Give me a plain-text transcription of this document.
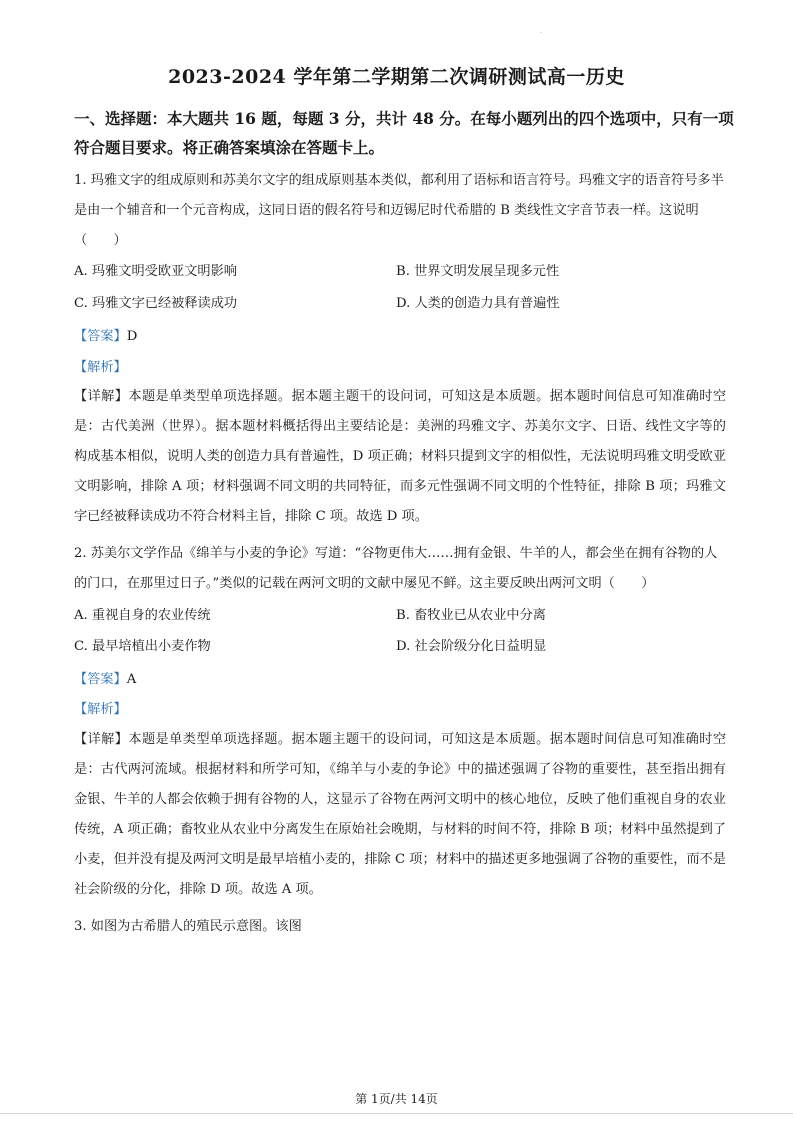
·
2023-2024 学年第二学期第二次调研测试高一历史
一、选择题：本大题共 16 题，每题 3 分，共计 48 分。在每小题列出的四个选项中，只有一项符合题目要求。将正确答案填涂在答题卡上。
1. 玛雅文字的组成原则和苏美尔文字的组成原则基本类似，都利用了语标和语言符号。玛雅文字的语音符号多半是由一个辅音和一个元音构成，这同日语的假名符号和迈锡尼时代希腊的 B 类线性文字音节表一样。这说明（　　）
A. 玛雅文明受欧亚文明影响	B. 世界文明发展呈现多元性
C. 玛雅文字已经被释读成功	D. 人类的创造力具有普遍性
【答案】D
【解析】
【详解】本题是单类型单项选择题。据本题主题干的设问词，可知这是本质题。据本题时间信息可知准确时空是：古代美洲（世界）。据本题材料概括得出主要结论是：美洲的玛雅文字、苏美尔文字、日语、线性文字等的构成基本相似，说明人类的创造力具有普遍性，D 项正确；材料只提到文字的相似性，无法说明玛雅文明受欧亚文明影响，排除 A 项；材料强调不同文明的共同特征，而多元性强调不同文明的个性特征，排除 B 项；玛雅文字已经被释读成功不符合材料主旨，排除 C 项。故选 D 项。
2. 苏美尔文学作品《绵羊与小麦的争论》写道：“谷物更伟大……拥有金银、牛羊的人，都会坐在拥有谷物的人的门口，在那里过日子。”类似的记载在两河文明的文献中屡见不鲜。这主要反映出两河文明（　　）
A. 重视自身的农业传统	B. 畜牧业已从农业中分离
C. 最早培植出小麦作物	D. 社会阶级分化日益明显
【答案】A
【解析】
【详解】本题是单类型单项选择题。据本题主题干的设问词，可知这是本质题。据本题时间信息可知准确时空是：古代两河流域。根据材料和所学可知，《绵羊与小麦的争论》中的描述强调了谷物的重要性，甚至指出拥有金银、牛羊的人都会依赖于拥有谷物的人，这显示了谷物在两河文明中的核心地位，反映了他们重视自身的农业传统，A 项正确；畜牧业从农业中分离发生在原始社会晚期，与材料的时间不符，排除 B 项；材料中虽然提到了小麦，但并没有提及两河文明是最早培植小麦的，排除 C 项；材料中的描述更多地强调了谷物的重要性，而不是社会阶级的分化，排除 D 项。故选 A 项。
3. 如图为古希腊人的殖民示意图。该图
第 1页/共 14页
